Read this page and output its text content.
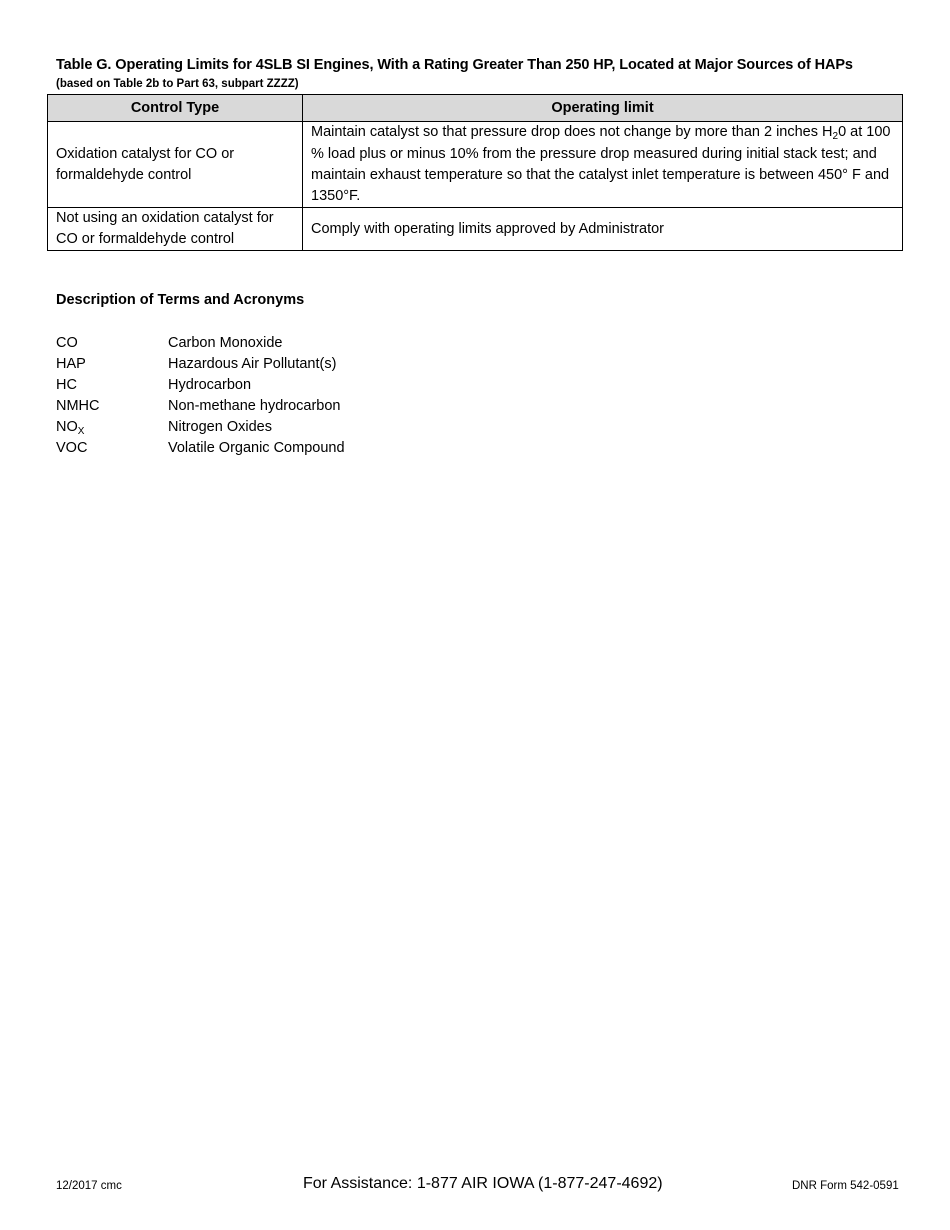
Table G. Operating Limits for 4SLB SI Engines, With a Rating Greater Than 250 HP, Located at Major Sources of HAPs
(based on Table 2b to Part 63, subpart ZZZZ)
Control Type	Operating limit
Oxidation catalyst for CO or formaldehyde control	Maintain catalyst so that pressure drop does not change by more than 2 inches $H_20$ at 100 % load plus or minus 10% from the pressure drop measured during initial stack test; and maintain exhaust temperature so that the catalyst inlet temperature is between 450° F and 1350°F.
Not using an oxidation catalyst for CO or formaldehyde control	Comply with operating limits approved by Administrator
Description of Terms and Acronyms
CO	Carbon Monoxide
HAP	Hazardous Air Pollutant(s)
HC	Hydrocarbon
NMHC	Non-methane hydrocarbon
$NO_X$	Nitrogen Oxides
VOC	Volatile Organic Compound
12/2017 cmc	For Assistance: 1-877 AIR IOWA (1-877-247-4692)	DNR Form 542-0591
